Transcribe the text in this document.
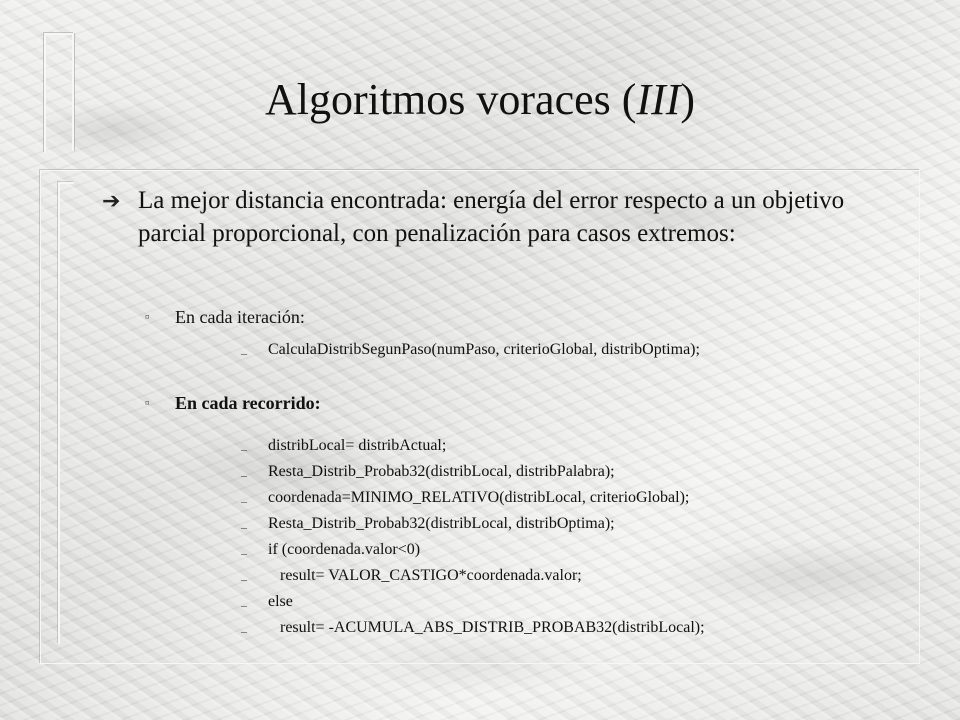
Algoritmos voraces (III)
➔ La mejor distancia encontrada: energía del error respecto a un objetivo parcial proporcional, con penalización para casos extremos:
¤ En cada iteración:
– CalculaDistribSegunPaso(numPaso, criterioGlobal, distribOptima);
¤ En cada recorrido:
– distribLocal= distribActual;
– Resta_Distrib_Probab32(distribLocal, distribPalabra);
– coordenada=MINIMO_RELATIVO(distribLocal, criterioGlobal);
– Resta_Distrib_Probab32(distribLocal, distribOptima);
– if (coordenada.valor<0)
– result= VALOR_CASTIGO*coordenada.valor;
– else
– result= -ACUMULA_ABS_DISTRIB_PROBAB32(distribLocal);
